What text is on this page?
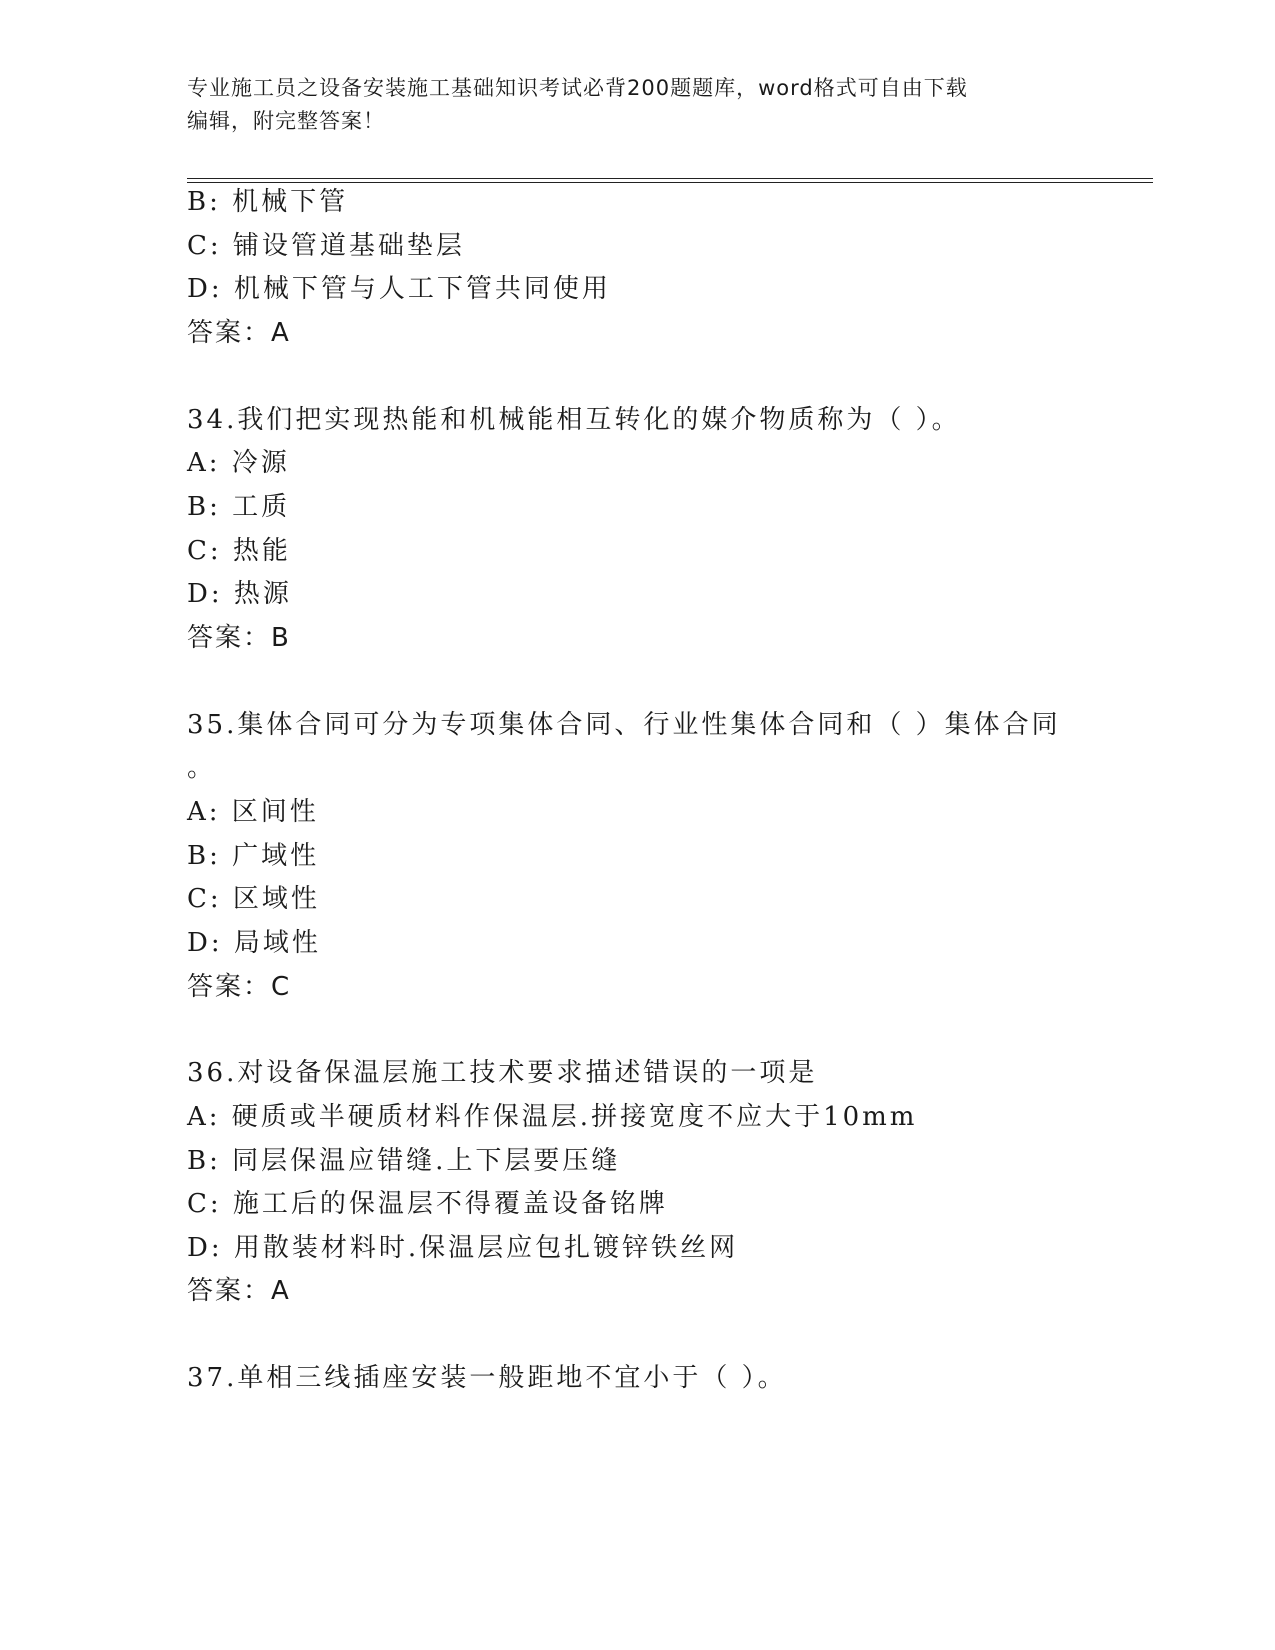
专业施工员之设备安装施工基础知识考试必背200题题库，word格式可自由下载
编辑，附完整答案！
B: 机械下管
C: 铺设管道基础垫层
D: 机械下管与人工下管共同使用
答案：A
34.我们把实现热能和机械能相互转化的媒介物质称为（ ）。
A: 冷源
B: 工质
C: 热能
D: 热源
答案：B
35.集体合同可分为专项集体合同、行业性集体合同和（ ）集体合同
。
A: 区间性
B: 广域性
C: 区域性
D: 局域性
答案：C
36.对设备保温层施工技术要求描述错误的一项是
A: 硬质或半硬质材料作保温层.拼接宽度不应大于10mm
B: 同层保温应错缝.上下层要压缝
C: 施工后的保温层不得覆盖设备铭牌
D: 用散装材料时.保温层应包扎镀锌铁丝网
答案：A
37.单相三线插座安装一般距地不宜小于（ ）。
